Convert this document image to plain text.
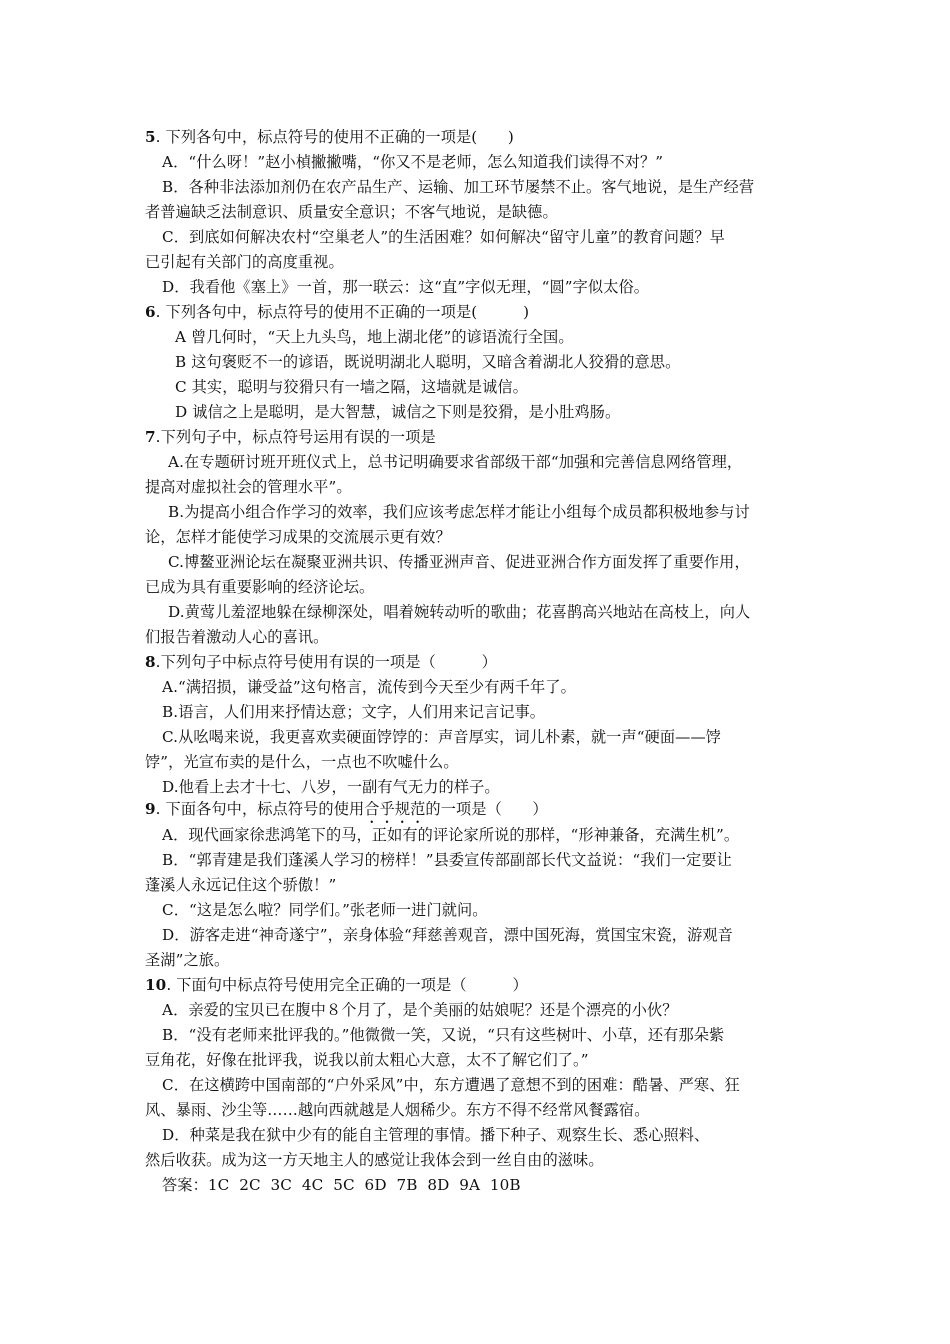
5. 下列各句中，标点符号的使用不正确的一项是(　　)
A．“什么呀！”赵小楨撇撇嘴，“你又不是老师，怎么知道我们读得不对？”
B．各种非法添加剂仍在农产品生产、运输、加工环节屡禁不止。客气地说，是生产经营
者普遍缺乏法制意识、质量安全意识；不客气地说，是缺德。
C．到底如何解决农村“空巢老人”的生活困难？如何解决“留守儿童”的教育问题？早
已引起有关部门的高度重视。
D．我看他《塞上》一首，那一联云：这“直”字似无理，“圆”字似太俗。
6. 下列各句中，标点符号的使用不正确的一项是(　　　)
A 曾几何时，“天上九头鸟，地上湖北佬”的谚语流行全国。
B 这句褒贬不一的谚语，既说明湖北人聪明，又暗含着湖北人狡猾的意思。
C 其实，聪明与狡猾只有一墙之隔，这墙就是诚信。
D 诚信之上是聪明，是大智慧，诚信之下则是狡猾，是小肚鸡肠。
7.下列句子中，标点符号运用有误的一项是
A.在专题研讨班开班仪式上，总书记明确要求省部级干部“加强和完善信息网络管理，
提高对虚拟社会的管理水平”。
B.为提高小组合作学习的效率，我们应该考虑怎样才能让小组每个成员都积极地参与讨
论，怎样才能使学习成果的交流展示更有效？
C.博鳌亚洲论坛在凝聚亚洲共识、传播亚洲声音、促进亚洲合作方面发挥了重要作用，
已成为具有重要影响的经济论坛。
D.黄莺儿羞涩地躲在绿柳深处，唱着婉转动听的歌曲；花喜鹊高兴地站在高枝上，向人
们报告着激动人心的喜讯。
8.下列句子中标点符号使用有误的一项是（　　　）
A.“满招损，谦受益”这句格言，流传到今天至少有两千年了。
B.语言，人们用来抒情达意；文字，人们用来记言记事。
C.从吆喝来说，我更喜欢卖硬面饽饽的：声音厚实，词儿朴素，就一声“硬面——饽
饽”，光宣布卖的是什么，一点也不吹嘘什么。
D.他看上去才十七、八岁，一副有气无力的样子。
9. 下面各句中，标点符号的使用合乎规范的一项是（　　）
A．现代画家徐悲鸿笔下的马，正如有的评论家所说的那样，“形神兼备，充满生机”。
B．“郭青建是我们蓬溪人学习的榜样！”县委宣传部副部长代文益说：“我们一定要让
蓬溪人永远记住这个骄傲！”
C．“这是怎么啦？同学们。”张老师一进门就问。
D．游客走进“神奇遂宁”，亲身体验“拜慈善观音，漂中国死海，赏国宝宋瓷，游观音
圣湖”之旅。
10. 下面句中标点符号使用完全正确的一项是（　　　）
A．亲爱的宝贝已在腹中８个月了，是个美丽的姑娘呢？还是个漂亮的小伙？
B．“没有老师来批评我的。”他微微一笑，又说，“只有这些树叶、小草，还有那朵紫
豆角花，好像在批评我，说我以前太粗心大意，太不了解它们了。”
C．在这横跨中国南部的“户外采风”中，东方遭遇了意想不到的困难：酷暑、严寒、狂
风、暴雨、沙尘等……越向西就越是人烟稀少。东方不得不经常风餐露宿。
D．种菜是我在狱中少有的能自主管理的事情。播下种子、观察生长、悉心照料、
然后收获。成为这一方天地主人的感觉让我体会到一丝自由的滋味。
答案：1C  2C  3C  4C  5C  6D  7B  8D  9A  10B
